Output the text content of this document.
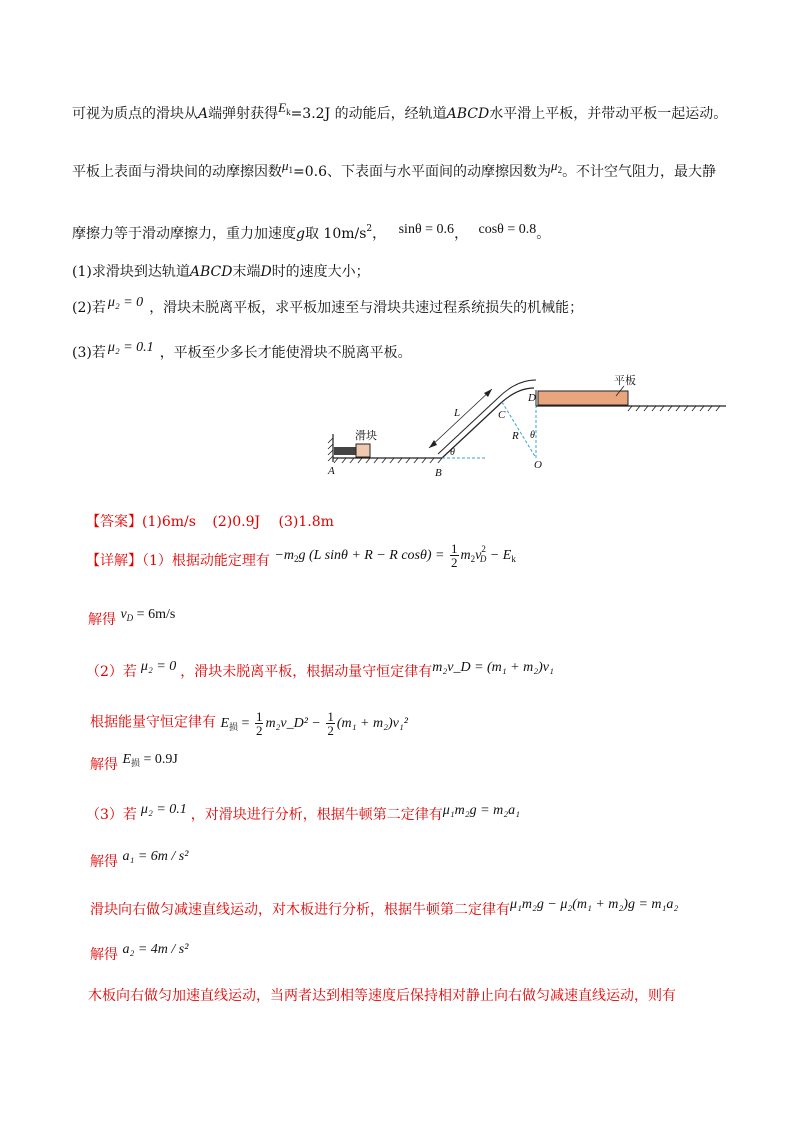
可视为质点的滑块从A端弹射获得$E_k=3.2J$ 的动能后，经轨道ABCD水平滑上平板，并带动平板一起运动。
平板上表面与滑块间的动摩擦因数$\mu_1=0.6$、下表面与水平面间的动摩擦因数为$\mu_2$。不计空气阻力，最大静
摩擦力等于滑动摩擦力，重力加速度g取 $10m/s^2$， sinθ = 0.6， cosθ = 0.8。
(1)求滑块到达轨道ABCD末端D时的速度大小；
(2)若 μ₂ = 0 ，滑块未脱离平板，求平板加速至与滑块共速过程系统损失的机械能；
(3)若 μ₂ = 0.1 ，平板至少多长才能使滑块不脱离平板。
滑块
A	B
L
θ
R θ
C
D
O
平板
【答案】(1)6m/s (2)0.9J (3)1.8m
【详解】（1）根据动能定理有 $-m_2g$ (L sinθ + R − R $\cos\theta) = \frac{1}{2} m_2v^2_D - E_k$
解得 $v_D = 6m/s$
（2）若 μ₂ = 0 ，滑块未脱离平板，根据动量守恒定律有m₂v_D = (m₁ + m₂)v₁
根据能量守恒定律有 $E_损 = \frac{1}{2}$ m₂v_D² − $\frac{1}{2} (m_1 + m_2)v_1^2$
解得 $E_损 = 0.9J$
（3）若 μ₂ = 0.1 ，对滑块进行分析，根据牛顿第二定律有μ₁m₂g = m₂a₁
解得 a₁ = 6m / s²
滑块向右做匀减速直线运动，对木板进行分析，根据牛顿第二定律有μ₁m₂g − μ₂(m₁ + m₂)g = m₁a₂
解得 a₂ = 4m / s²
木板向右做匀加速直线运动，当两者达到相等速度后保持相对静止向右做匀减速直线运动，则有
